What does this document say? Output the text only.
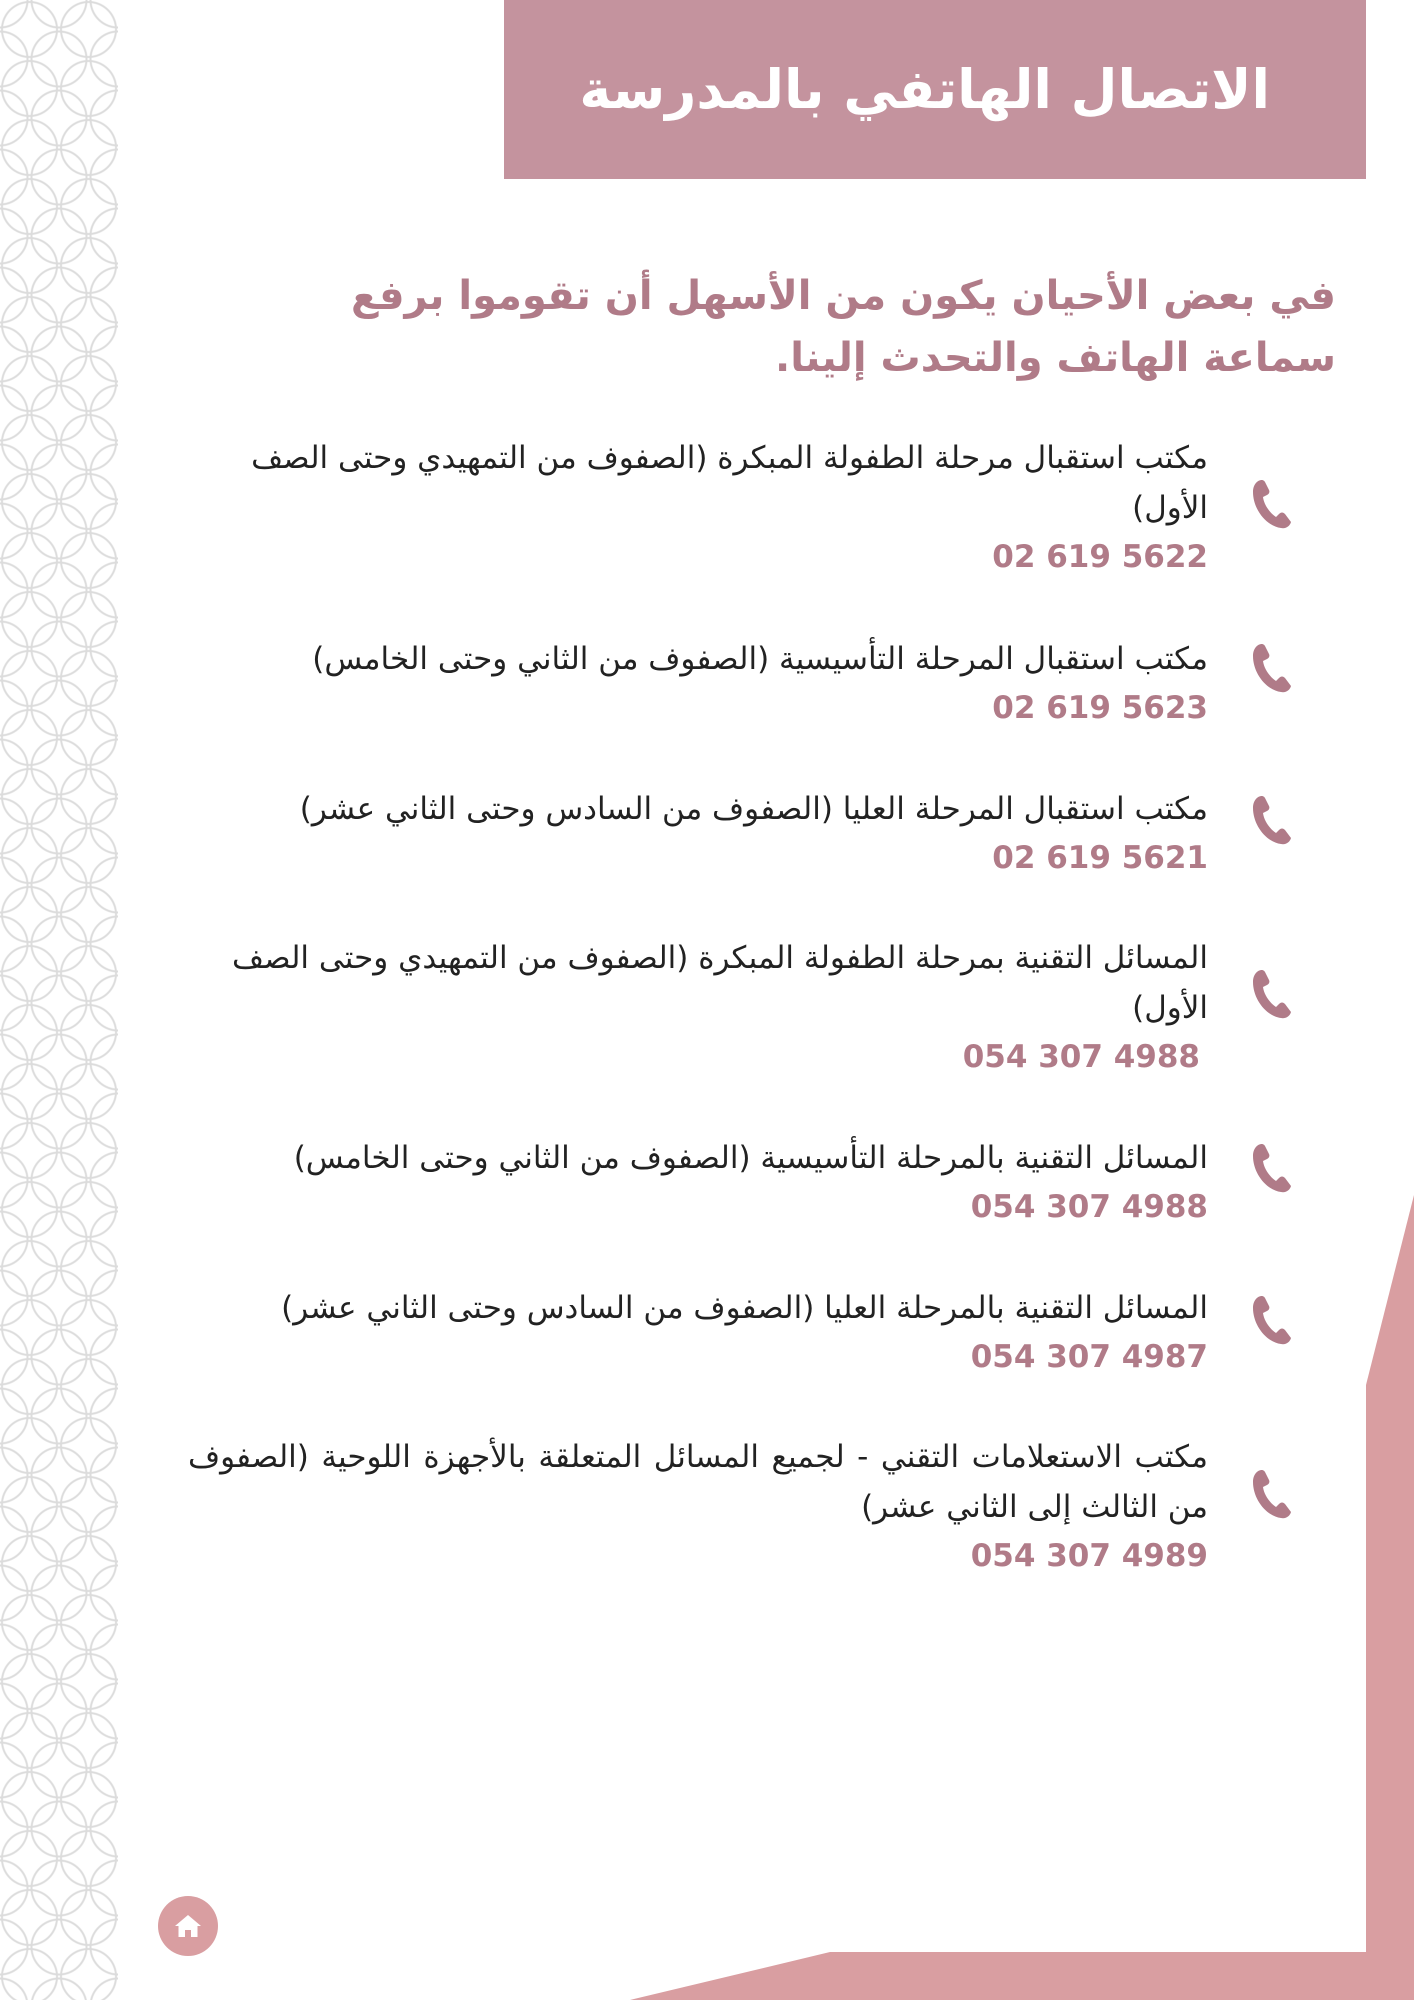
الاتصال الهاتفي بالمدرسة
في بعض الأحيان يكون من الأسهل أن تقوموا برفع سماعة الهاتف والتحدث إلينا.
مكتب استقبال مرحلة الطفولة المبكرة (الصفوف من التمهيدي وحتى الصف الأول)
02 619 5622
مكتب استقبال المرحلة التأسيسية (الصفوف من الثاني وحتى الخامس)
02 619 5623
مكتب استقبال المرحلة العليا (الصفوف من السادس وحتى الثاني عشر)
02 619 5621
المسائل التقنية بمرحلة الطفولة المبكرة (الصفوف من التمهيدي وحتى الصف الأول)
054 307 4988
المسائل التقنية بالمرحلة التأسيسية (الصفوف من الثاني وحتى الخامس)
054 307 4988
المسائل التقنية بالمرحلة العليا (الصفوف من السادس وحتى الثاني عشر)
054 307 4987
مكتب الاستعلامات التقني - لجميع المسائل المتعلقة بالأجهزة اللوحية (الصفوف من الثالث إلى الثاني عشر)
054 307 4989
